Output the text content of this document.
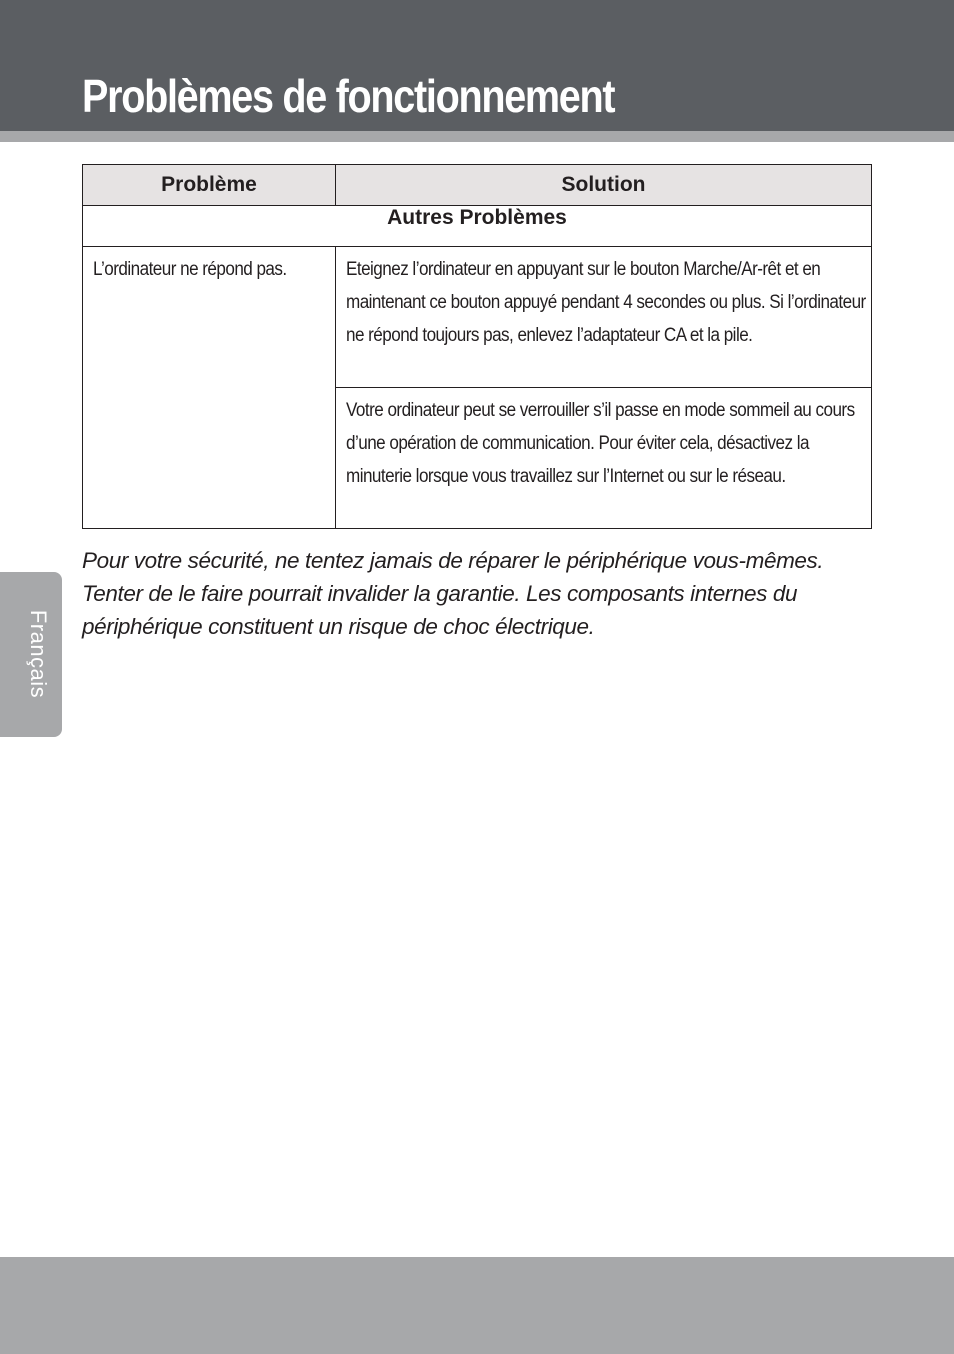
Problèmes de fonctionnement
Français
Problème	Solution
Autres Problèmes	

L’ordinateur ne répond pas.	Eteignez l’ordinateur en appuyant sur le bouton Marche/Ar-rêt et en maintenant ce bouton appuyé pendant 4 secondes ou plus. Si l’ordinateur ne répond toujours pas, enlevez l’adaptateur CA et la pile.

	Votre ordinateur peut se verrouiller s’il passe en mode sommeil au cours d’une opération de communication. Pour éviter cela, désactivez la minuterie lorsque vous travaillez sur l’Internet ou sur le réseau.

Pour votre sécurité, ne tentez jamais de réparer le périphérique vous-mêmes. Tenter de le faire pourrait invalider la garantie. Les composants internes du périphérique constituent un risque de choc électrique.
